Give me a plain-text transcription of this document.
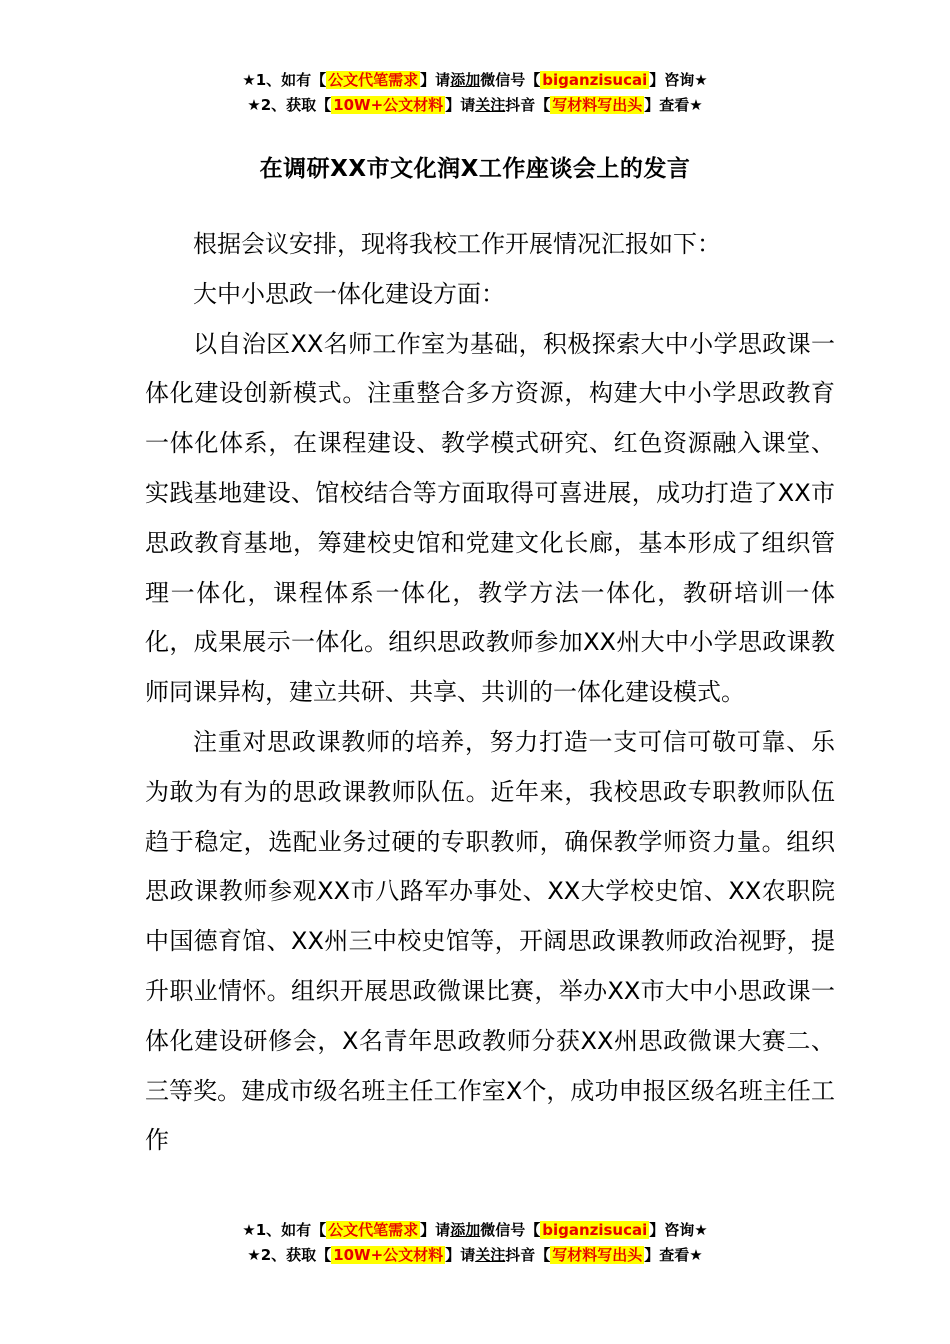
★1、如有【 公文代笔需求 】请添加微信号【 biganzisucai 】咨询★
★2、获取【 10W+公文材料 】请关注抖音【 写材料写出头 】查看★
在调研XX市文化润X工作座谈会上的发言

根据会议安排，现将我校工作开展情况汇报如下：

大中小思政一体化建设方面：

以自治区XX名师工作室为基础，积极探索大中小学思政课一体化建设创新模式。注重整合多方资源，构建大中小学思政教育一体化体系，在课程建设、教学模式研究、红色资源融入课堂、实践基地建设、馆校结合等方面取得可喜进展，成功打造了XX市思政教育基地，筹建校史馆和党建文化长廊，基本形成了组织管理一体化，课程体系一体化，教学方法一体化，教研培训一体化，成果展示一体化。组织思政教师参加XX州大中小学思政课教师同课异构，建立共研、共享、共训的一体化建设模式。

注重对思政课教师的培养，努力打造一支可信可敬可靠、乐为敢为有为的思政课教师队伍。近年来，我校思政专职教师队伍趋于稳定，选配业务过硬的专职教师，确保教学师资力量。组织思政课教师参观XX市八路军办事处、XX大学校史馆、XX农职院中国德育馆、XX州三中校史馆等，开阔思政课教师政治视野，提升职业情怀。组织开展思政微课比赛，举办XX市大中小思政课一体化建设研修会，X名青年思政教师分获XX州思政微课大赛二、三等奖。建成市级名班主任工作室X个，成功申报区级名班主任工作

★1、如有【 公文代笔需求 】请添加微信号【 biganzisucai 】咨询★
★2、获取【 10W+公文材料 】请关注抖音【 写材料写出头 】查看★
